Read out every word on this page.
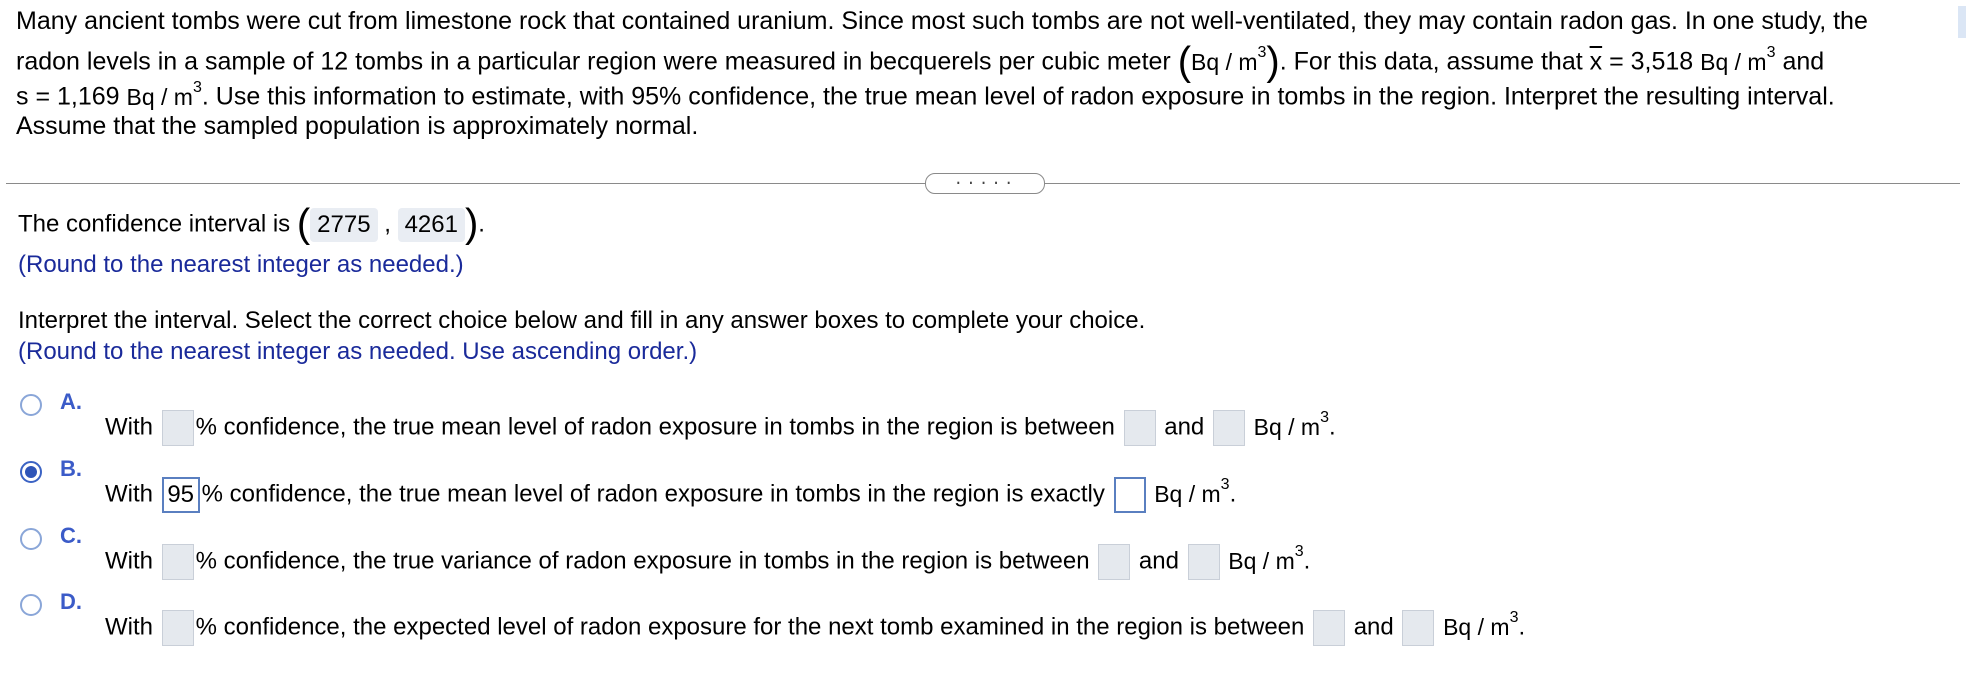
Many ancient tombs were cut from limestone rock that contained uranium. Since most such tombs are not well-ventilated, they may contain radon gas. In one study, the
radon levels in a sample of 12 tombs in a particular region were measured in becquerels per cubic meter $(Bq / m^3)$. For this data, assume that $\overline{x} = 3,518$ Bq / $m^3$ and
s = 1,169 Bq / $m^3$. Use this information to estimate, with 95% confidence, the true mean level of radon exposure in tombs in the region. Interpret the resulting interval.
Assume that the sampled population is approximately normal.
.....
The confidence interval is ( 2775 , 4261 ).
(Round to the nearest integer as needed.)
Interpret the interval. Select the correct choice below and fill in any answer boxes to complete your choice.
(Round to the nearest integer as needed. Use ascending order.)
A.
With % confidence, the true mean level of radon exposure in tombs in the region is between and Bq / $m^3$.
B.
With 95 % confidence, the true mean level of radon exposure in tombs in the region is exactly Bq / $m^3$.
C.
With % confidence, the true variance of radon exposure in tombs in the region is between and Bq / $m^3$.
D.
With % confidence, the expected level of radon exposure for the next tomb examined in the region is between and Bq / $m^3$.
